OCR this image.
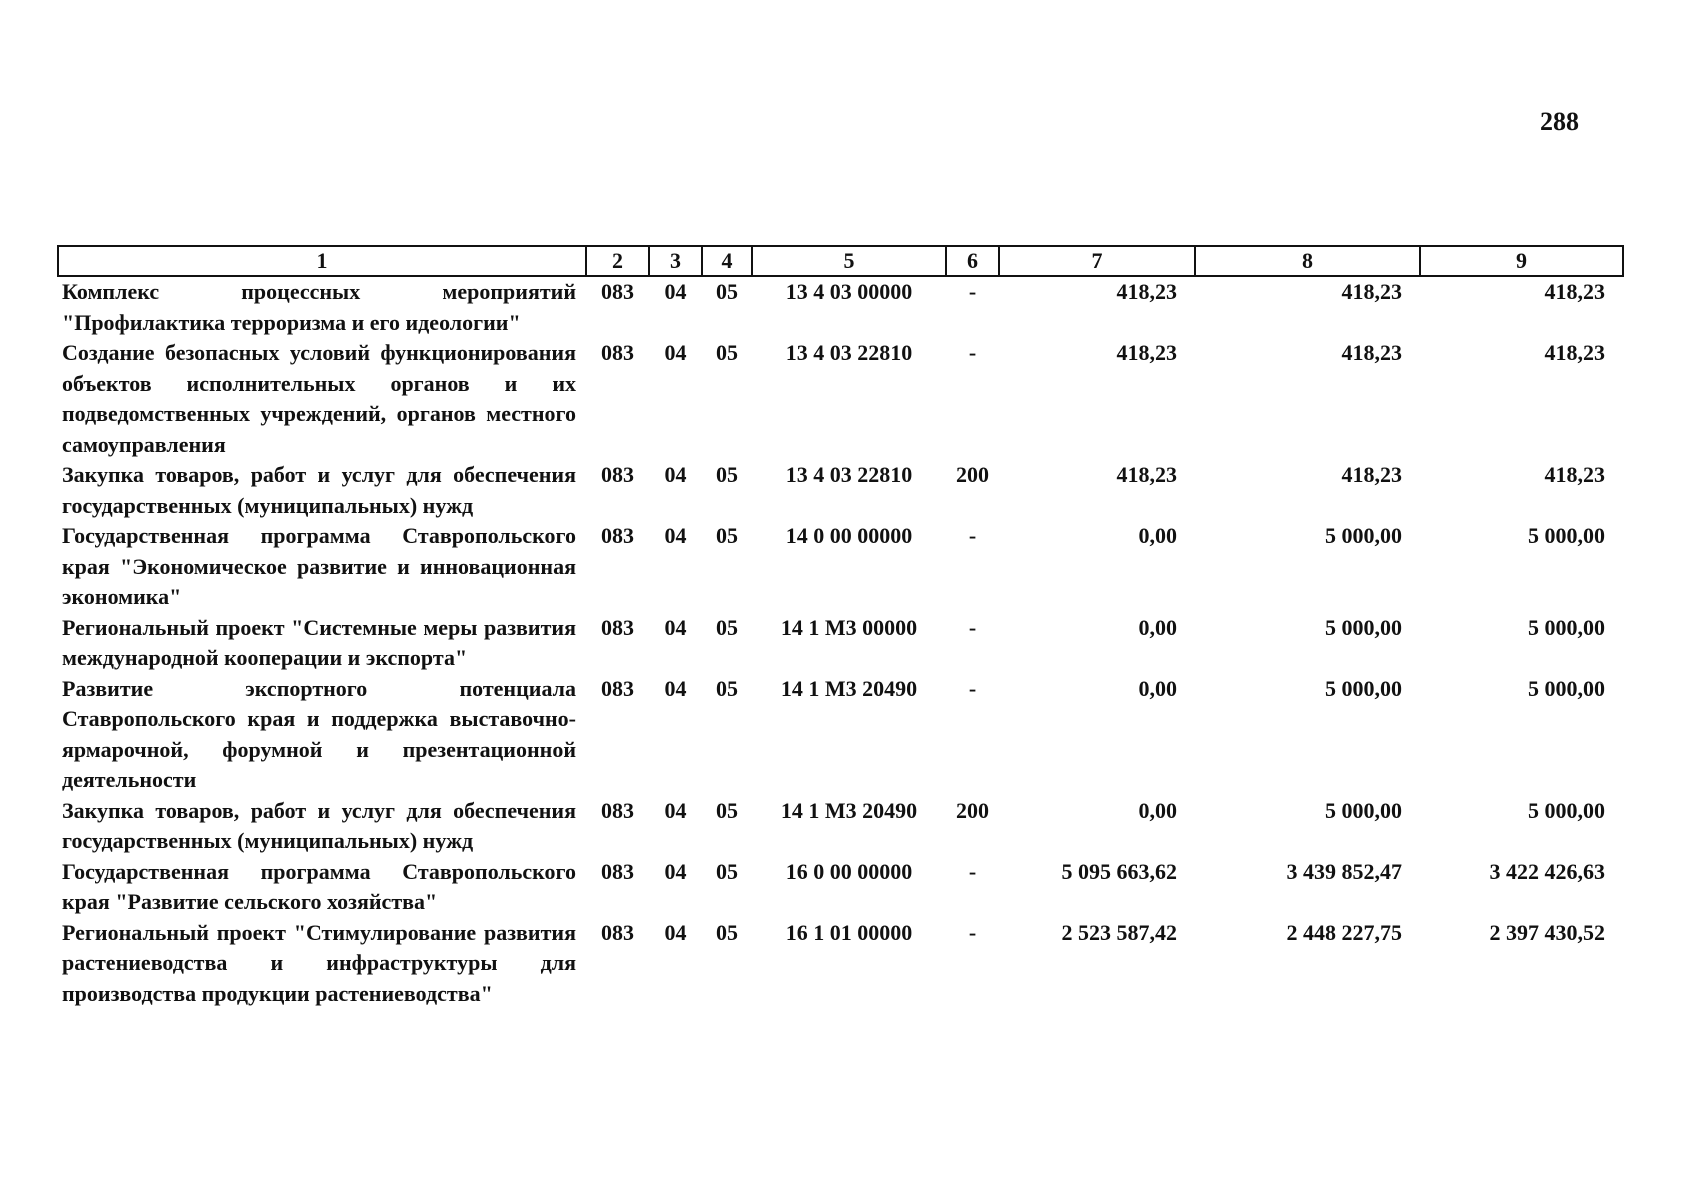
288
1	2	3	4	5	6	7	8	9
Комплекс процессных мероприятий "Профилактика терроризма и его идеологии"	083	04	05	13 4 03 00000	-	418,23	418,23	418,23
Создание безопасных условий функционирования объектов исполнительных органов и их подведомственных учреждений, органов местного самоуправления	083	04	05	13 4 03 22810	-	418,23	418,23	418,23
Закупка товаров, работ и услуг для обеспечения государственных (муниципальных) нужд	083	04	05	13 4 03 22810	200	418,23	418,23	418,23
Государственная программа Ставропольского края "Экономическое развитие и инновационная экономика"	083	04	05	14 0 00 00000	-	0,00	5 000,00	5 000,00
Региональный проект "Системные меры развития международной кооперации и экспорта"	083	04	05	14 1 М3 00000	-	0,00	5 000,00	5 000,00
Развитие экспортного потенциала Ставропольского края и поддержка выставочно-ярмарочной, форумной и презентационной деятельности	083	04	05	14 1 М3 20490	-	0,00	5 000,00	5 000,00
Закупка товаров, работ и услуг для обеспечения государственных (муниципальных) нужд	083	04	05	14 1 М3 20490	200	0,00	5 000,00	5 000,00
Государственная программа Ставропольского края "Развитие сельского хозяйства"	083	04	05	16 0 00 00000	-	5 095 663,62	3 439 852,47	3 422 426,63
Региональный проект "Стимулирование развития растениеводства и инфраструктуры для производства продукции растениеводства"	083	04	05	16 1 01 00000	-	2 523 587,42	2 448 227,75	2 397 430,52
